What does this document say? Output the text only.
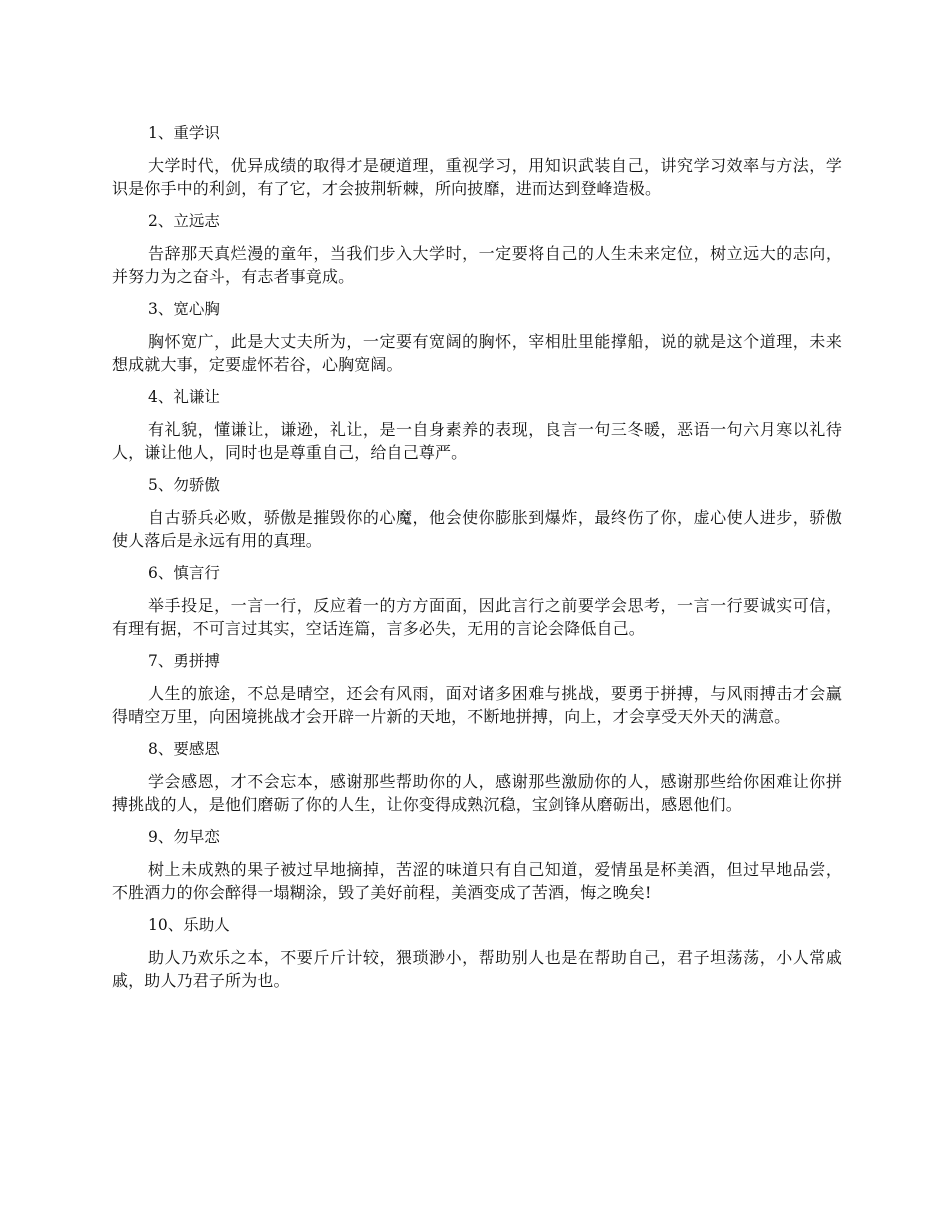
1、重学识

大学时代，优异成绩的取得才是硬道理，重视学习，用知识武装自己，讲究学习效率与方法，学识是你手中的利剑，有了它，才会披荆斩棘，所向披靡，进而达到登峰造极。

2、立远志

告辞那天真烂漫的童年，当我们步入大学时，一定要将自己的人生未来定位，树立远大的志向，并努力为之奋斗，有志者事竟成。

3、宽心胸

胸怀宽广，此是大丈夫所为，一定要有宽阔的胸怀，宰相肚里能撑船，说的就是这个道理，未来想成就大事，定要虚怀若谷，心胸宽阔。

4、礼谦让

有礼貌，懂谦让，谦逊，礼让，是一自身素养的表现，良言一句三冬暖，恶语一句六月寒以礼待人，谦让他人，同时也是尊重自己，给自己尊严。

5、勿骄傲

自古骄兵必败，骄傲是摧毁你的心魔，他会使你膨胀到爆炸，最终伤了你，虚心使人进步，骄傲使人落后是永远有用的真理。

6、慎言行

举手投足，一言一行，反应着一的方方面面，因此言行之前要学会思考，一言一行要诚实可信，有理有据，不可言过其实，空话连篇，言多必失，无用的言论会降低自己。

7、勇拼搏

人生的旅途，不总是晴空，还会有风雨，面对诸多困难与挑战，要勇于拼搏，与风雨搏击才会赢得晴空万里，向困境挑战才会开辟一片新的天地，不断地拼搏，向上，才会享受天外天的满意。

8、要感恩

学会感恩，才不会忘本，感谢那些帮助你的人，感谢那些激励你的人，感谢那些给你困难让你拼搏挑战的人，是他们磨砺了你的人生，让你变得成熟沉稳，宝剑锋从磨砺出，感恩他们。

9、勿早恋

树上未成熟的果子被过早地摘掉，苦涩的味道只有自己知道，爱情虽是杯美酒，但过早地品尝，不胜酒力的你会醉得一塌糊涂，毁了美好前程，美酒变成了苦酒，悔之晚矣!

10、乐助人

助人乃欢乐之本，不要斤斤计较，猥琐渺小，帮助别人也是在帮助自己，君子坦荡荡，小人常戚戚，助人乃君子所为也。
